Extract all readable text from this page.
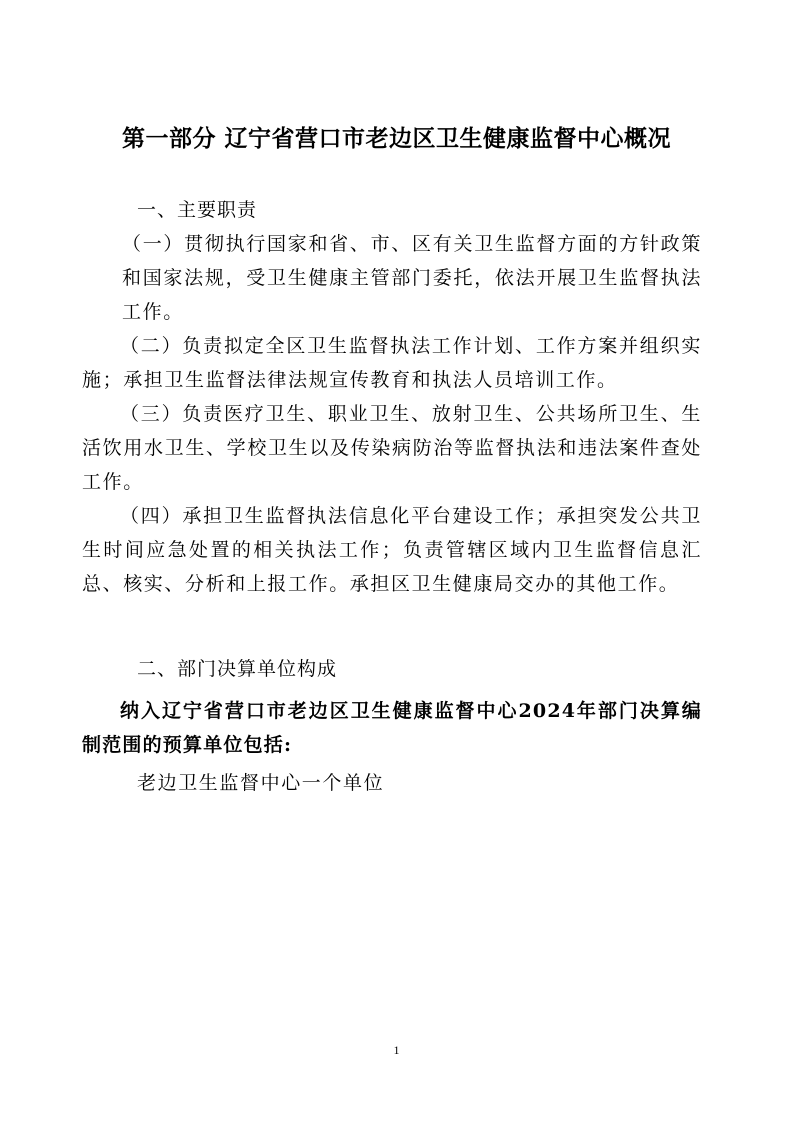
第一部分 辽宁省营口市老边区卫生健康监督中心概况
一、主要职责

（一）贯彻执行国家和省、市、区有关卫生监督方面的方针政策和国家法规，受卫生健康主管部门委托，依法开展卫生监督执法工作。

（二）负责拟定全区卫生监督执法工作计划、工作方案并组织实施；承担卫生监督法律法规宣传教育和执法人员培训工作。

（三）负责医疗卫生、职业卫生、放射卫生、公共场所卫生、生活饮用水卫生、学校卫生以及传染病防治等监督执法和违法案件查处工作。

（四）承担卫生监督执法信息化平台建设工作；承担突发公共卫生时间应急处置的相关执法工作；负责管辖区域内卫生监督信息汇总、核实、分析和上报工作。承担区卫生健康局交办的其他工作。

二、部门决算单位构成

纳入辽宁省营口市老边区卫生健康监督中心2024年部门决算编制范围的预算单位包括:

老边卫生监督中心一个单位
1
